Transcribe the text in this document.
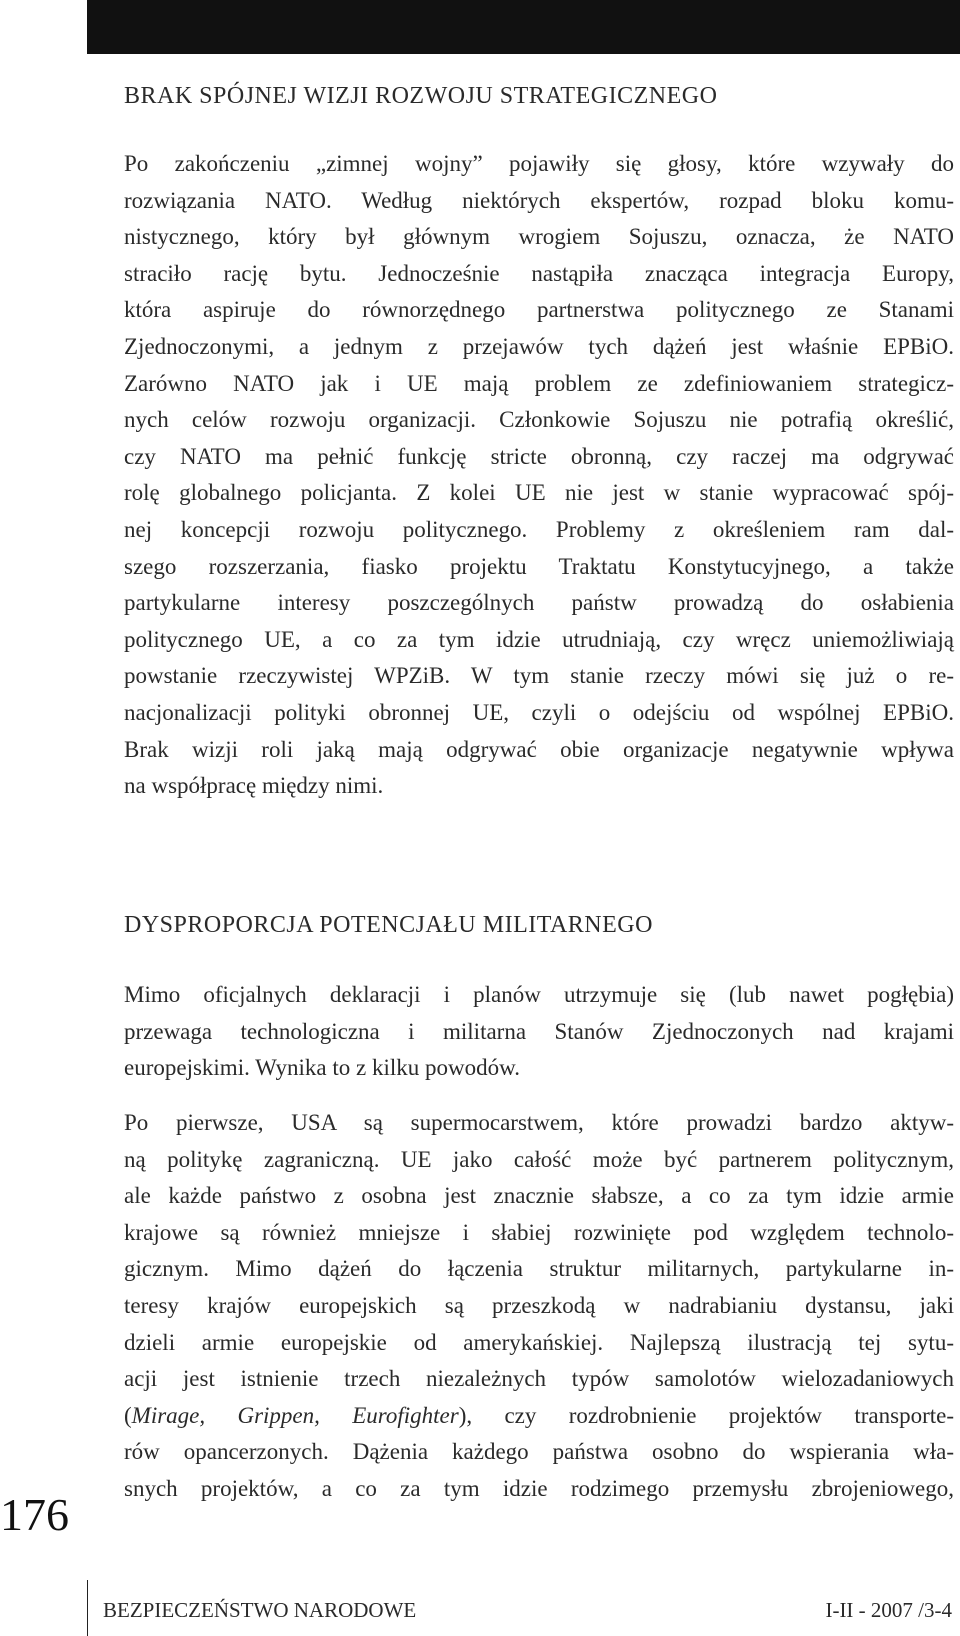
BRAK SPÓJNEJ WIZJI ROZWOJU STRATEGICZNEGO
Po zakończeniu „zimnej wojny” pojawiły się głosy, które wzywały do
rozwiązania NATO. Według niektórych ekspertów, rozpad bloku komu-
nistycznego, który był głównym wrogiem Sojuszu, oznacza, że NATO
straciło rację bytu. Jednocześnie nastąpiła znacząca integracja Europy,
która aspiruje do równorzędnego partnerstwa politycznego ze Stanami
Zjednoczonymi, a jednym z przejawów tych dążeń jest właśnie EPBiO.
Zarówno NATO jak i UE mają problem ze zdefiniowaniem strategicz-
nych celów rozwoju organizacji. Członkowie Sojuszu nie potrafią określić,
czy NATO ma pełnić funkcję stricte obronną, czy raczej ma odgrywać
rolę globalnego policjanta. Z kolei UE nie jest w stanie wypracować spój-
nej koncepcji rozwoju politycznego. Problemy z określeniem ram dal-
szego rozszerzania, fiasko projektu Traktatu Konstytucyjnego, a także
partykularne interesy poszczególnych państw prowadzą do osłabienia
politycznego UE, a co za tym idzie utrudniają, czy wręcz uniemożliwiają
powstanie rzeczywistej WPZiB. W tym stanie rzeczy mówi się już o re-
nacjonalizacji polityki obronnej UE, czyli o odejściu od wspólnej EPBiO.
Brak wizji roli jaką mają odgrywać obie organizacje negatywnie wpływa
na współpracę między nimi.
DYSPROPORCJA POTENCJAŁU MILITARNEGO
Mimo oficjalnych deklaracji i planów utrzymuje się (lub nawet pogłębia)
przewaga technologiczna i militarna Stanów Zjednoczonych nad krajami
europejskimi. Wynika to z kilku powodów.
Po pierwsze, USA są supermocarstwem, które prowadzi bardzo aktyw-
ną politykę zagraniczną. UE jako całość może być partnerem politycznym,
ale każde państwo z osobna jest znacznie słabsze, a co za tym idzie armie
krajowe są również mniejsze i słabiej rozwinięte pod względem technolo-
gicznym. Mimo dążeń do łączenia struktur militarnych, partykularne in-
teresy krajów europejskich są przeszkodą w nadrabianiu dystansu, jaki
dzieli armie europejskie od amerykańskiej. Najlepszą ilustracją tej sytu-
acji jest istnienie trzech niezależnych typów samolotów wielozadaniowych
(Mirage, Grippen, Eurofighter), czy rozdrobnienie projektów transporte-
rów opancerzonych. Dążenia każdego państwa osobno do wspierania wła-
snych projektów, a co za tym idzie rodzimego przemysłu zbrojeniowego,
176
BEZPIECZEŃSTWO NARODOWE	I-II - 2007 /3-4
